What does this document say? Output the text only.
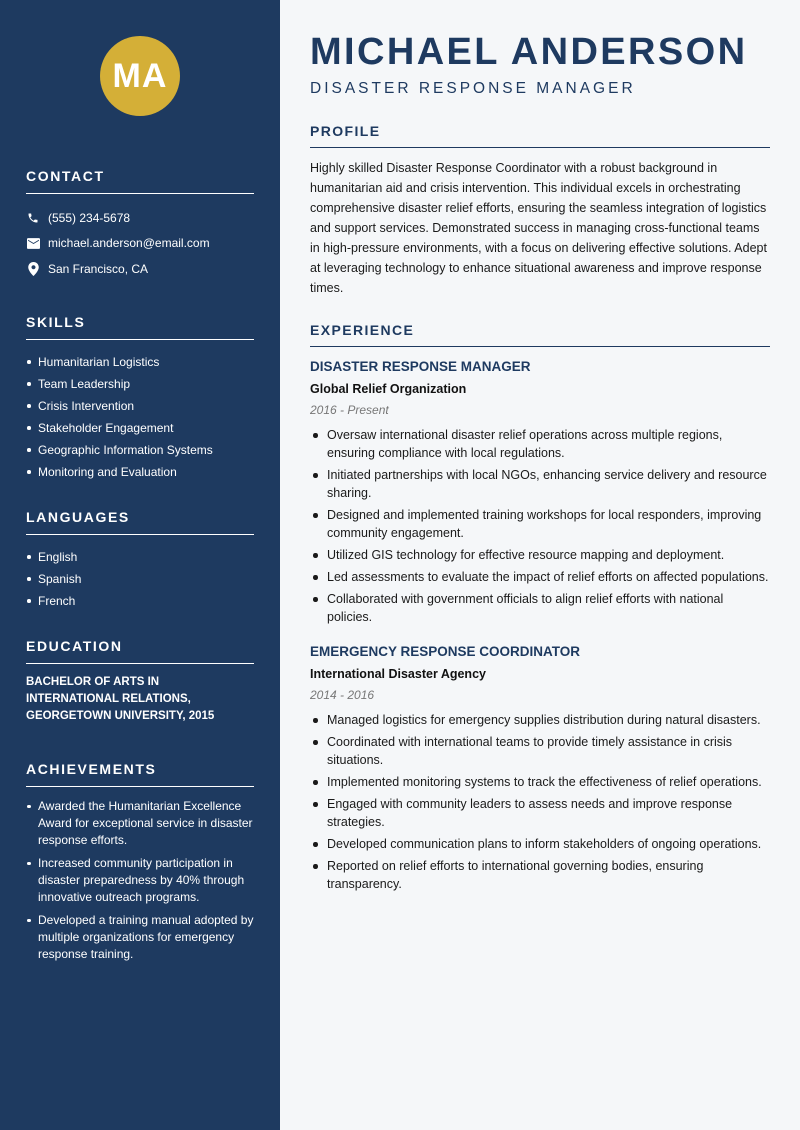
MA
CONTACT
(555) 234-5678
michael.anderson@email.com
San Francisco, CA
SKILLS
Humanitarian Logistics
Team Leadership
Crisis Intervention
Stakeholder Engagement
Geographic Information Systems
Monitoring and Evaluation
LANGUAGES
English
Spanish
French
EDUCATION

BACHELOR OF ARTS IN INTERNATIONAL RELATIONS, GEORGETOWN UNIVERSITY, 2015

ACHIEVEMENTS
Awarded the Humanitarian Excellence Award for exceptional service in disaster response efforts.
Increased community participation in disaster preparedness by 40% through innovative outreach programs.
Developed a training manual adopted by multiple organizations for emergency response training.
MICHAEL ANDERSON
DISASTER RESPONSE MANAGER
PROFILE

Highly skilled Disaster Response Coordinator with a robust background in humanitarian aid and crisis intervention. This individual excels in orchestrating comprehensive disaster relief efforts, ensuring the seamless integration of logistics and support services. Demonstrated success in managing cross-functional teams in high-pressure environments, with a focus on delivering effective solutions. Adept at leveraging technology to enhance situational awareness and improve response times.

EXPERIENCE
DISASTER RESPONSE MANAGER
Global Relief Organization
2016 - Present
Oversaw international disaster relief operations across multiple regions, ensuring compliance with local regulations.
Initiated partnerships with local NGOs, enhancing service delivery and resource sharing.
Designed and implemented training workshops for local responders, improving community engagement.
Utilized GIS technology for effective resource mapping and deployment.
Led assessments to evaluate the impact of relief efforts on affected populations.
Collaborated with government officials to align relief efforts with national policies.
EMERGENCY RESPONSE COORDINATOR
International Disaster Agency
2014 - 2016
Managed logistics for emergency supplies distribution during natural disasters.
Coordinated with international teams to provide timely assistance in crisis situations.
Implemented monitoring systems to track the effectiveness of relief operations.
Engaged with community leaders to assess needs and improve response strategies.
Developed communication plans to inform stakeholders of ongoing operations.
Reported on relief efforts to international governing bodies, ensuring transparency.
